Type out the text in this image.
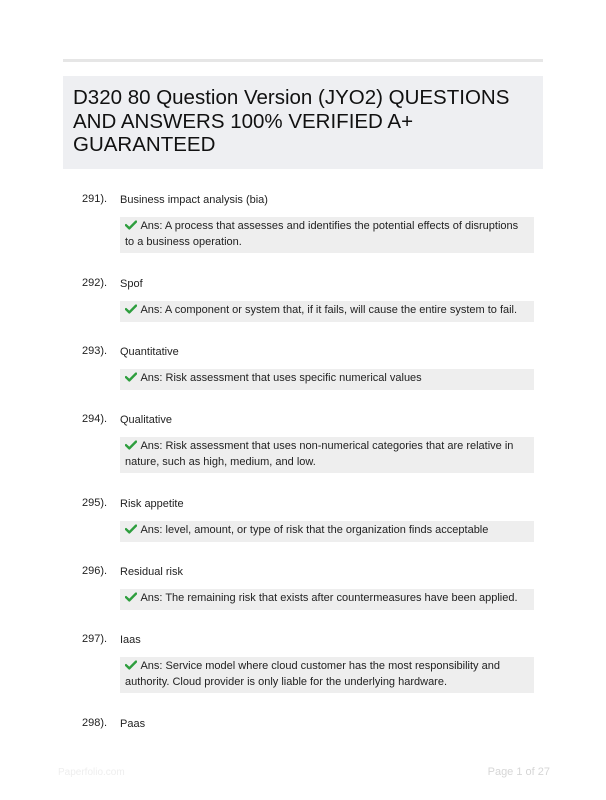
D320 80 Question Version (JYO2) QUESTIONS AND ANSWERS 100% VERIFIED A+ GUARANTEED
291). Business impact analysis (bia)
Ans: A process that assesses and identifies the potential effects of disruptions to a business operation.
292). Spof
Ans: A component or system that, if it fails, will cause the entire system to fail.
293). Quantitative
Ans: Risk assessment that uses specific numerical values
294). Qualitative
Ans: Risk assessment that uses non-numerical categories that are relative in nature, such as high, medium, and low.
295). Risk appetite
Ans: level, amount, or type of risk that the organization finds acceptable
296). Residual risk
Ans: The remaining risk that exists after countermeasures have been applied.
297). Iaas
Ans: Service model where cloud customer has the most responsibility and authority. Cloud provider is only liable for the underlying hardware.
298). Paas
Paperfolio.com	Page 1 of 27
